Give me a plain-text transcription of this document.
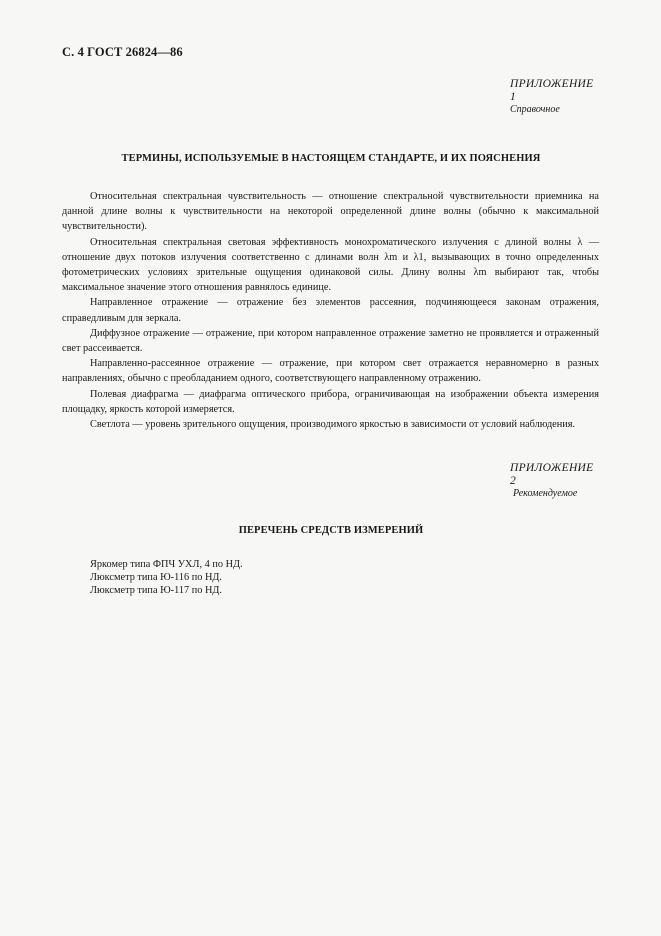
С. 4 ГОСТ 26824—86
ПРИЛОЖЕНИЕ 1
Справочное
ТЕРМИНЫ, ИСПОЛЬЗУЕМЫЕ В НАСТОЯЩЕМ СТАНДАРТЕ, И ИХ ПОЯСНЕНИЯ

Относительная спектральная чувствительность — отношение спектральной чувствительности приемника на данной длине волны к чувствительности на некоторой определенной длине волны (обычно к максимальной чувствительности).

Относительная спектральная световая эффективность монохроматического излучения с длиной волны λ — отношение двух потоков излучения соответственно с длинами волн λm и λ1, вызывающих в точно определенных фотометрических условиях зрительные ощущения одинаковой силы. Длину волны λm выбирают так, чтобы максимальное значение этого отношения равнялось единице.

Направленное отражение — отражение без элементов рассеяния, подчиняющееся законам отражения, справедливым для зеркала.

Диффузное отражение — отражение, при котором направленное отражение заметно не проявляется и отраженный свет рассеивается.

Направленно-рассеянное отражение — отражение, при котором свет отражается неравномерно в разных направлениях, обычно с преобладанием одного, соответствующего направленному отражению.

Полевая диафрагма — диафрагма оптического прибора, ограничивающая на изображении объекта измерения площадку, яркость которой измеряется.

Светлота — уровень зрительного ощущения, производимого яркостью в зависимости от условий наблюдения.

ПРИЛОЖЕНИЕ 2
Рекомендуемое
ПЕРЕЧЕНЬ СРЕДСТВ ИЗМЕРЕНИЙ
Яркомер типа ФПЧ УХЛ, 4 по НД.
Люксметр типа Ю-116 по НД.
Люксметр типа Ю-117 по НД.
